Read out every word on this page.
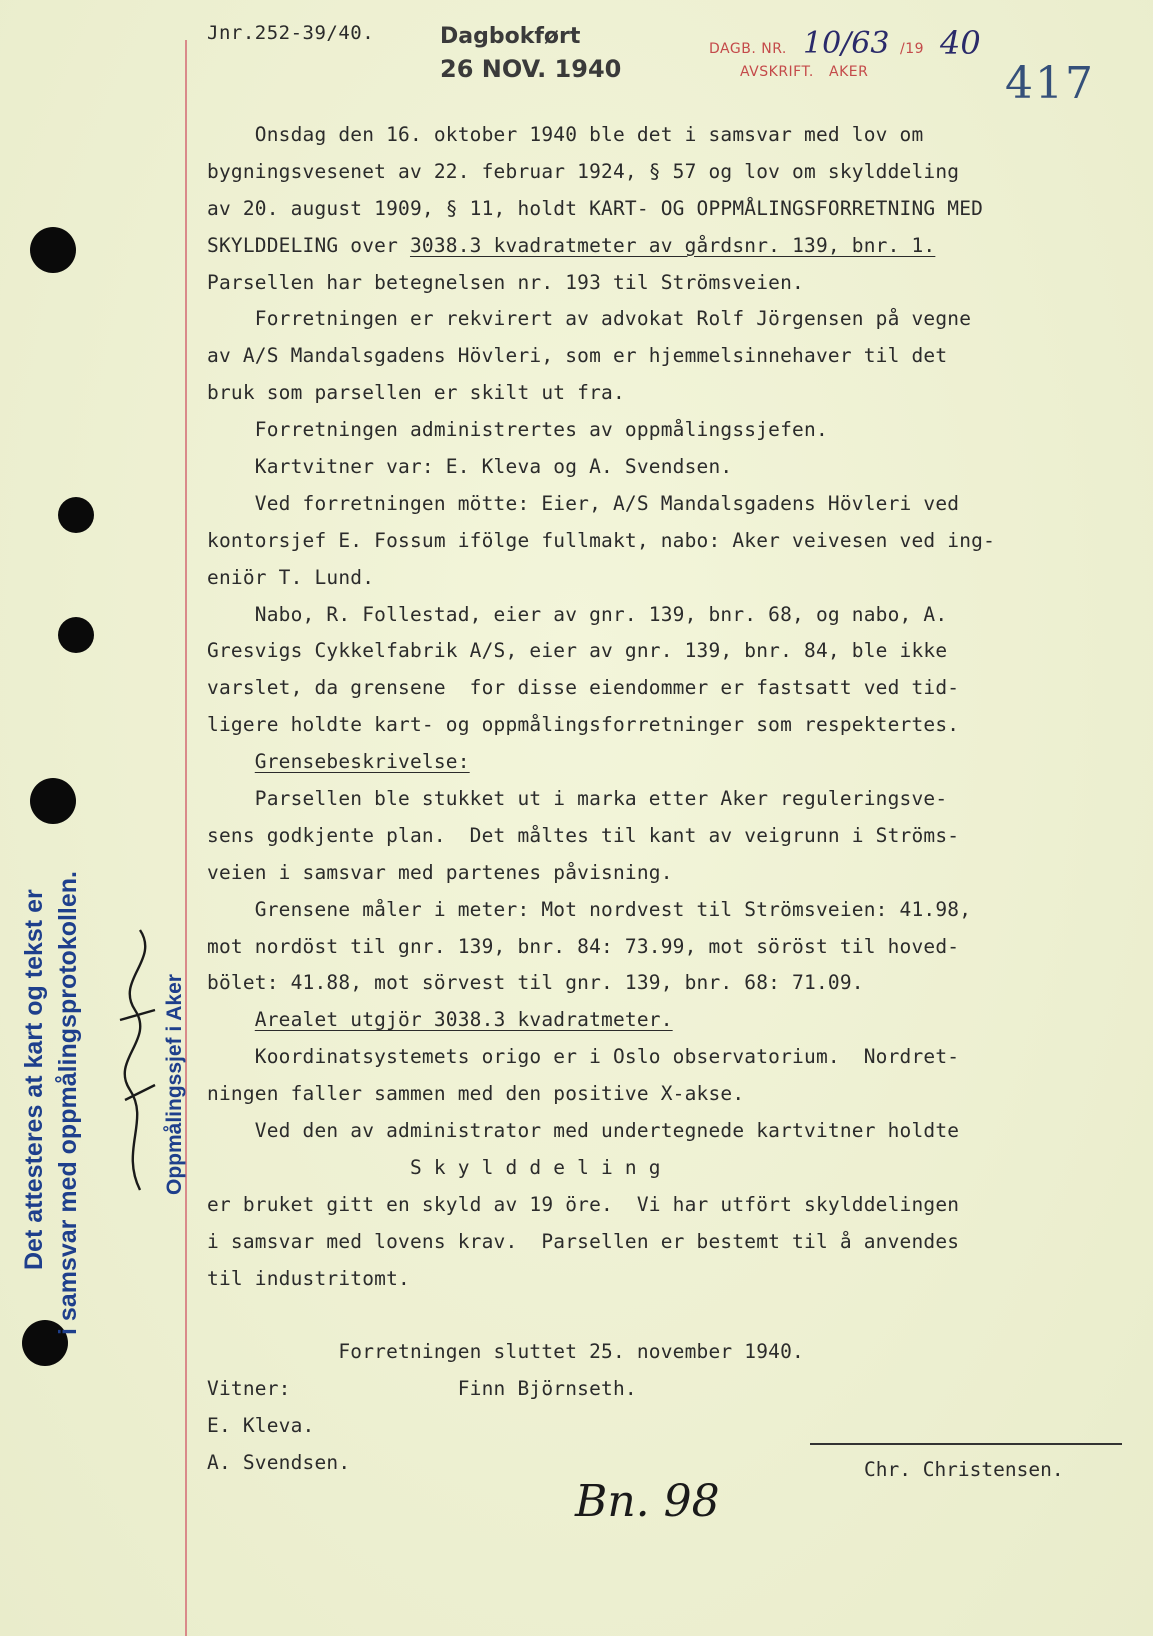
Jnr.252-39/40.	Dagbokført
26 NOV. 1940
DAGB. NR. 10/63 /19 40
AVSKRIFT. AKER	417
Onsdag den 16. oktober 1940 ble det i samsvar med lov om
bygningsvesenet av 22. februar 1924, § 57 og lov om skylddeling
av 20. august 1909, § 11, holdt KART- OG OPPMÅLINGSFORRETNING MED
SKYLDDELING over 3038.3 kvadratmeter av gårdsnr. 139, bnr. 1.
Parsellen har betegnelsen nr. 193 til Strömsveien.
Forretningen er rekvirert av advokat Rolf Jörgensen på vegne
av A/S Mandalsgadens Hövleri, som er hjemmelsinnehaver til det
bruk som parsellen er skilt ut fra.
Forretningen administrertes av oppmålingssjefen.
Kartvitner var: E. Kleva og A. Svendsen.
Ved forretningen mötte: Eier, A/S Mandalsgadens Hövleri ved
kontorsjef E. Fossum ifölge fullmakt, nabo: Aker veivesen ved ing-
eniör T. Lund.
Nabo, R. Follestad, eier av gnr. 139, bnr. 68, og nabo, A.
Gresvigs Cykkelfabrik A/S, eier av gnr. 139, bnr. 84, ble ikke
varslet, da grensene  for disse eiendommer er fastsatt ved tid-
ligere holdte kart- og oppmålingsforretninger som respektertes.
Grensebeskrivelse:
Parsellen ble stukket ut i marka etter Aker reguleringsve-
sens godkjente plan.  Det måltes til kant av veigrunn i Ströms-
veien i samsvar med partenes påvisning.
Grensene måler i meter: Mot nordvest til Strömsveien: 41.98,
mot nordöst til gnr. 139, bnr. 84: 73.99, mot söröst til hoved-
bölet: 41.88, mot sörvest til gnr. 139, bnr. 68: 71.09.
Arealet utgjör 3038.3 kvadratmeter.
Koordinatsystemets origo er i Oslo observatorium.  Nordret-
ningen faller sammen med den positive X-akse.
Ved den av administrator med undertegnede kartvitner holdte
S k y l d d e l i n g
er bruket gitt en skyld av 19 öre.  Vi har utfört skylddelingen
i samsvar med lovens krav.  Parsellen er bestemt til å anvendes
til industritomt.
Forretningen sluttet 25. november 1940.
Vitner:              Finn Björnseth.
E. Kleva.
A. Svendsen.	Chr. Christensen.
Bn. 98
Det attesteres at kart og tekst er i samsvar med oppmålingsprotokollen.	Oppmålingssjef i Aker
